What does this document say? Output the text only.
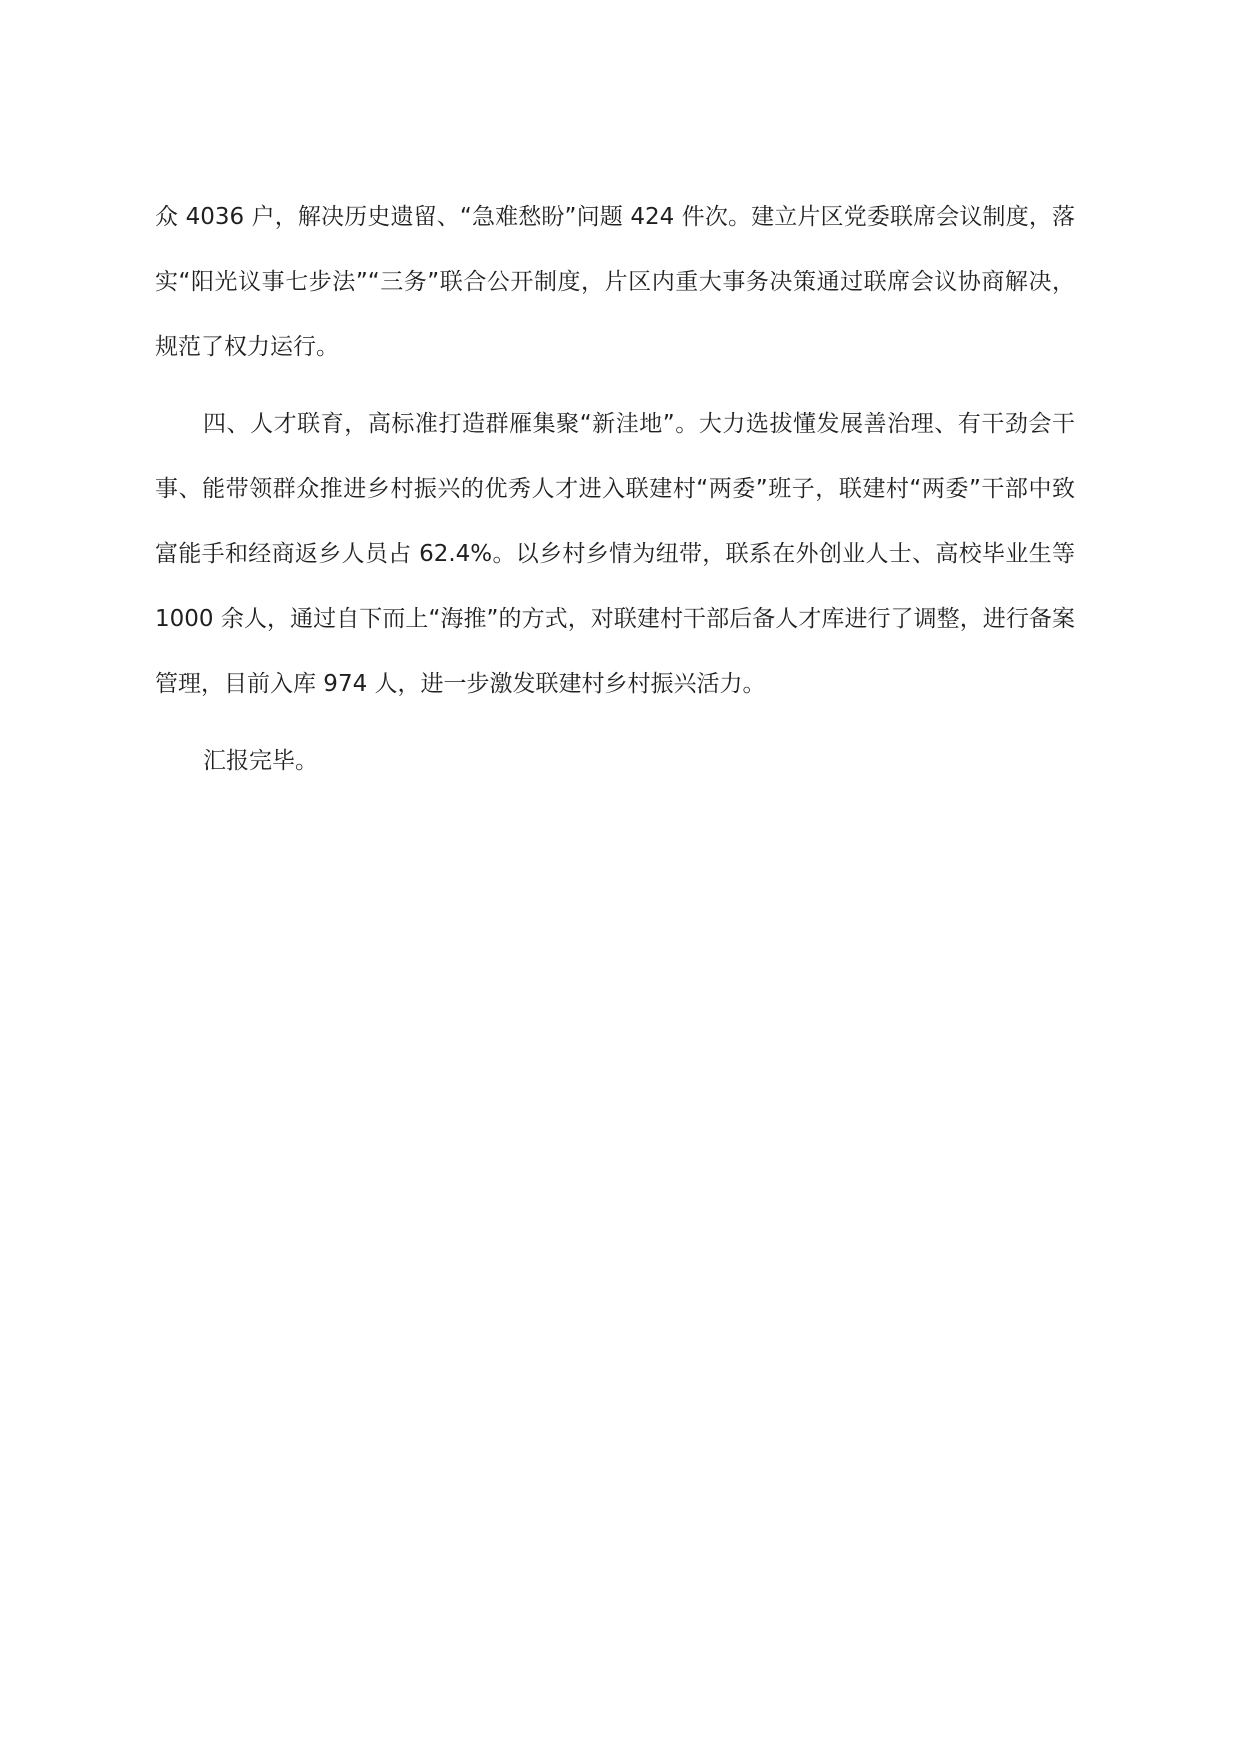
众 4036 户，解决历史遗留、“急难愁盼”问题 424 件次。建立片区党委联席会议制度，落实“阳光议事七步法”“三务”联合公开制度，片区内重大事务决策通过联席会议协商解决，规范了权力运行。

四、人才联育，高标准打造群雁集聚“新洼地”。大力选拔懂发展善治理、有干劲会干事、能带领群众推进乡村振兴的优秀人才进入联建村“两委”班子，联建村“两委”干部中致富能手和经商返乡人员占 62.4%。以乡村乡情为纽带，联系在外创业人士、高校毕业生等 1000 余人，通过自下而上“海推”的方式，对联建村干部后备人才库进行了调整，进行备案管理，目前入库 974 人，进一步激发联建村乡村振兴活力。

汇报完毕。
